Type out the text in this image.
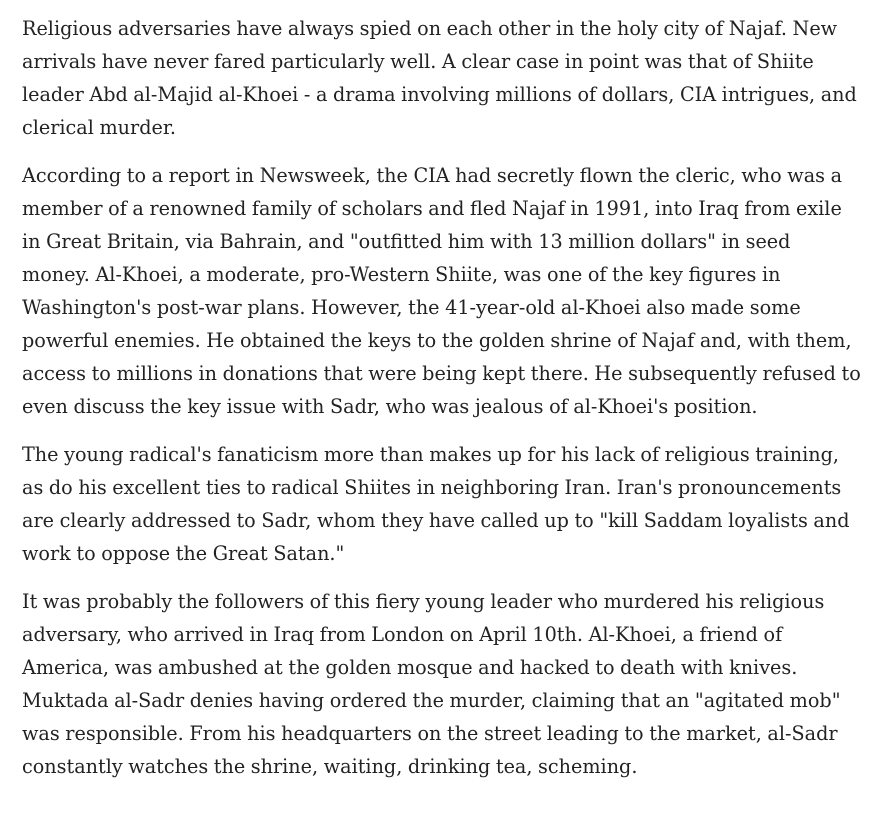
Religious adversaries have always spied on each other in the holy city of Najaf. New arrivals have never fared particularly well. A clear case in point was that of Shiite leader Abd al-Majid al-Khoei - a drama involving millions of dollars, CIA intrigues, and clerical murder.

According to a report in Newsweek, the CIA had secretly flown the cleric, who was a member of a renowned family of scholars and fled Najaf in 1991, into Iraq from exile in Great Britain, via Bahrain, and "outfitted him with 13 million dollars" in seed money. Al-Khoei, a moderate, pro-Western Shiite, was one of the key figures in Washington's post-war plans. However, the 41-year-old al-Khoei also made some powerful enemies. He obtained the keys to the golden shrine of Najaf and, with them, access to millions in donations that were being kept there. He subsequently refused to even discuss the key issue with Sadr, who was jealous of al-Khoei's position.

The young radical's fanaticism more than makes up for his lack of religious training, as do his excellent ties to radical Shiites in neighboring Iran. Iran's pronouncements are clearly addressed to Sadr, whom they have called up to "kill Saddam loyalists and work to oppose the Great Satan."

It was probably the followers of this fiery young leader who murdered his religious adversary, who arrived in Iraq from London on April 10th. Al-Khoei, a friend of America, was ambushed at the golden mosque and hacked to death with knives. Muktada al-Sadr denies having ordered the murder, claiming that an "agitated mob" was responsible. From his headquarters on the street leading to the market, al-Sadr constantly watches the shrine, waiting, drinking tea, scheming.
